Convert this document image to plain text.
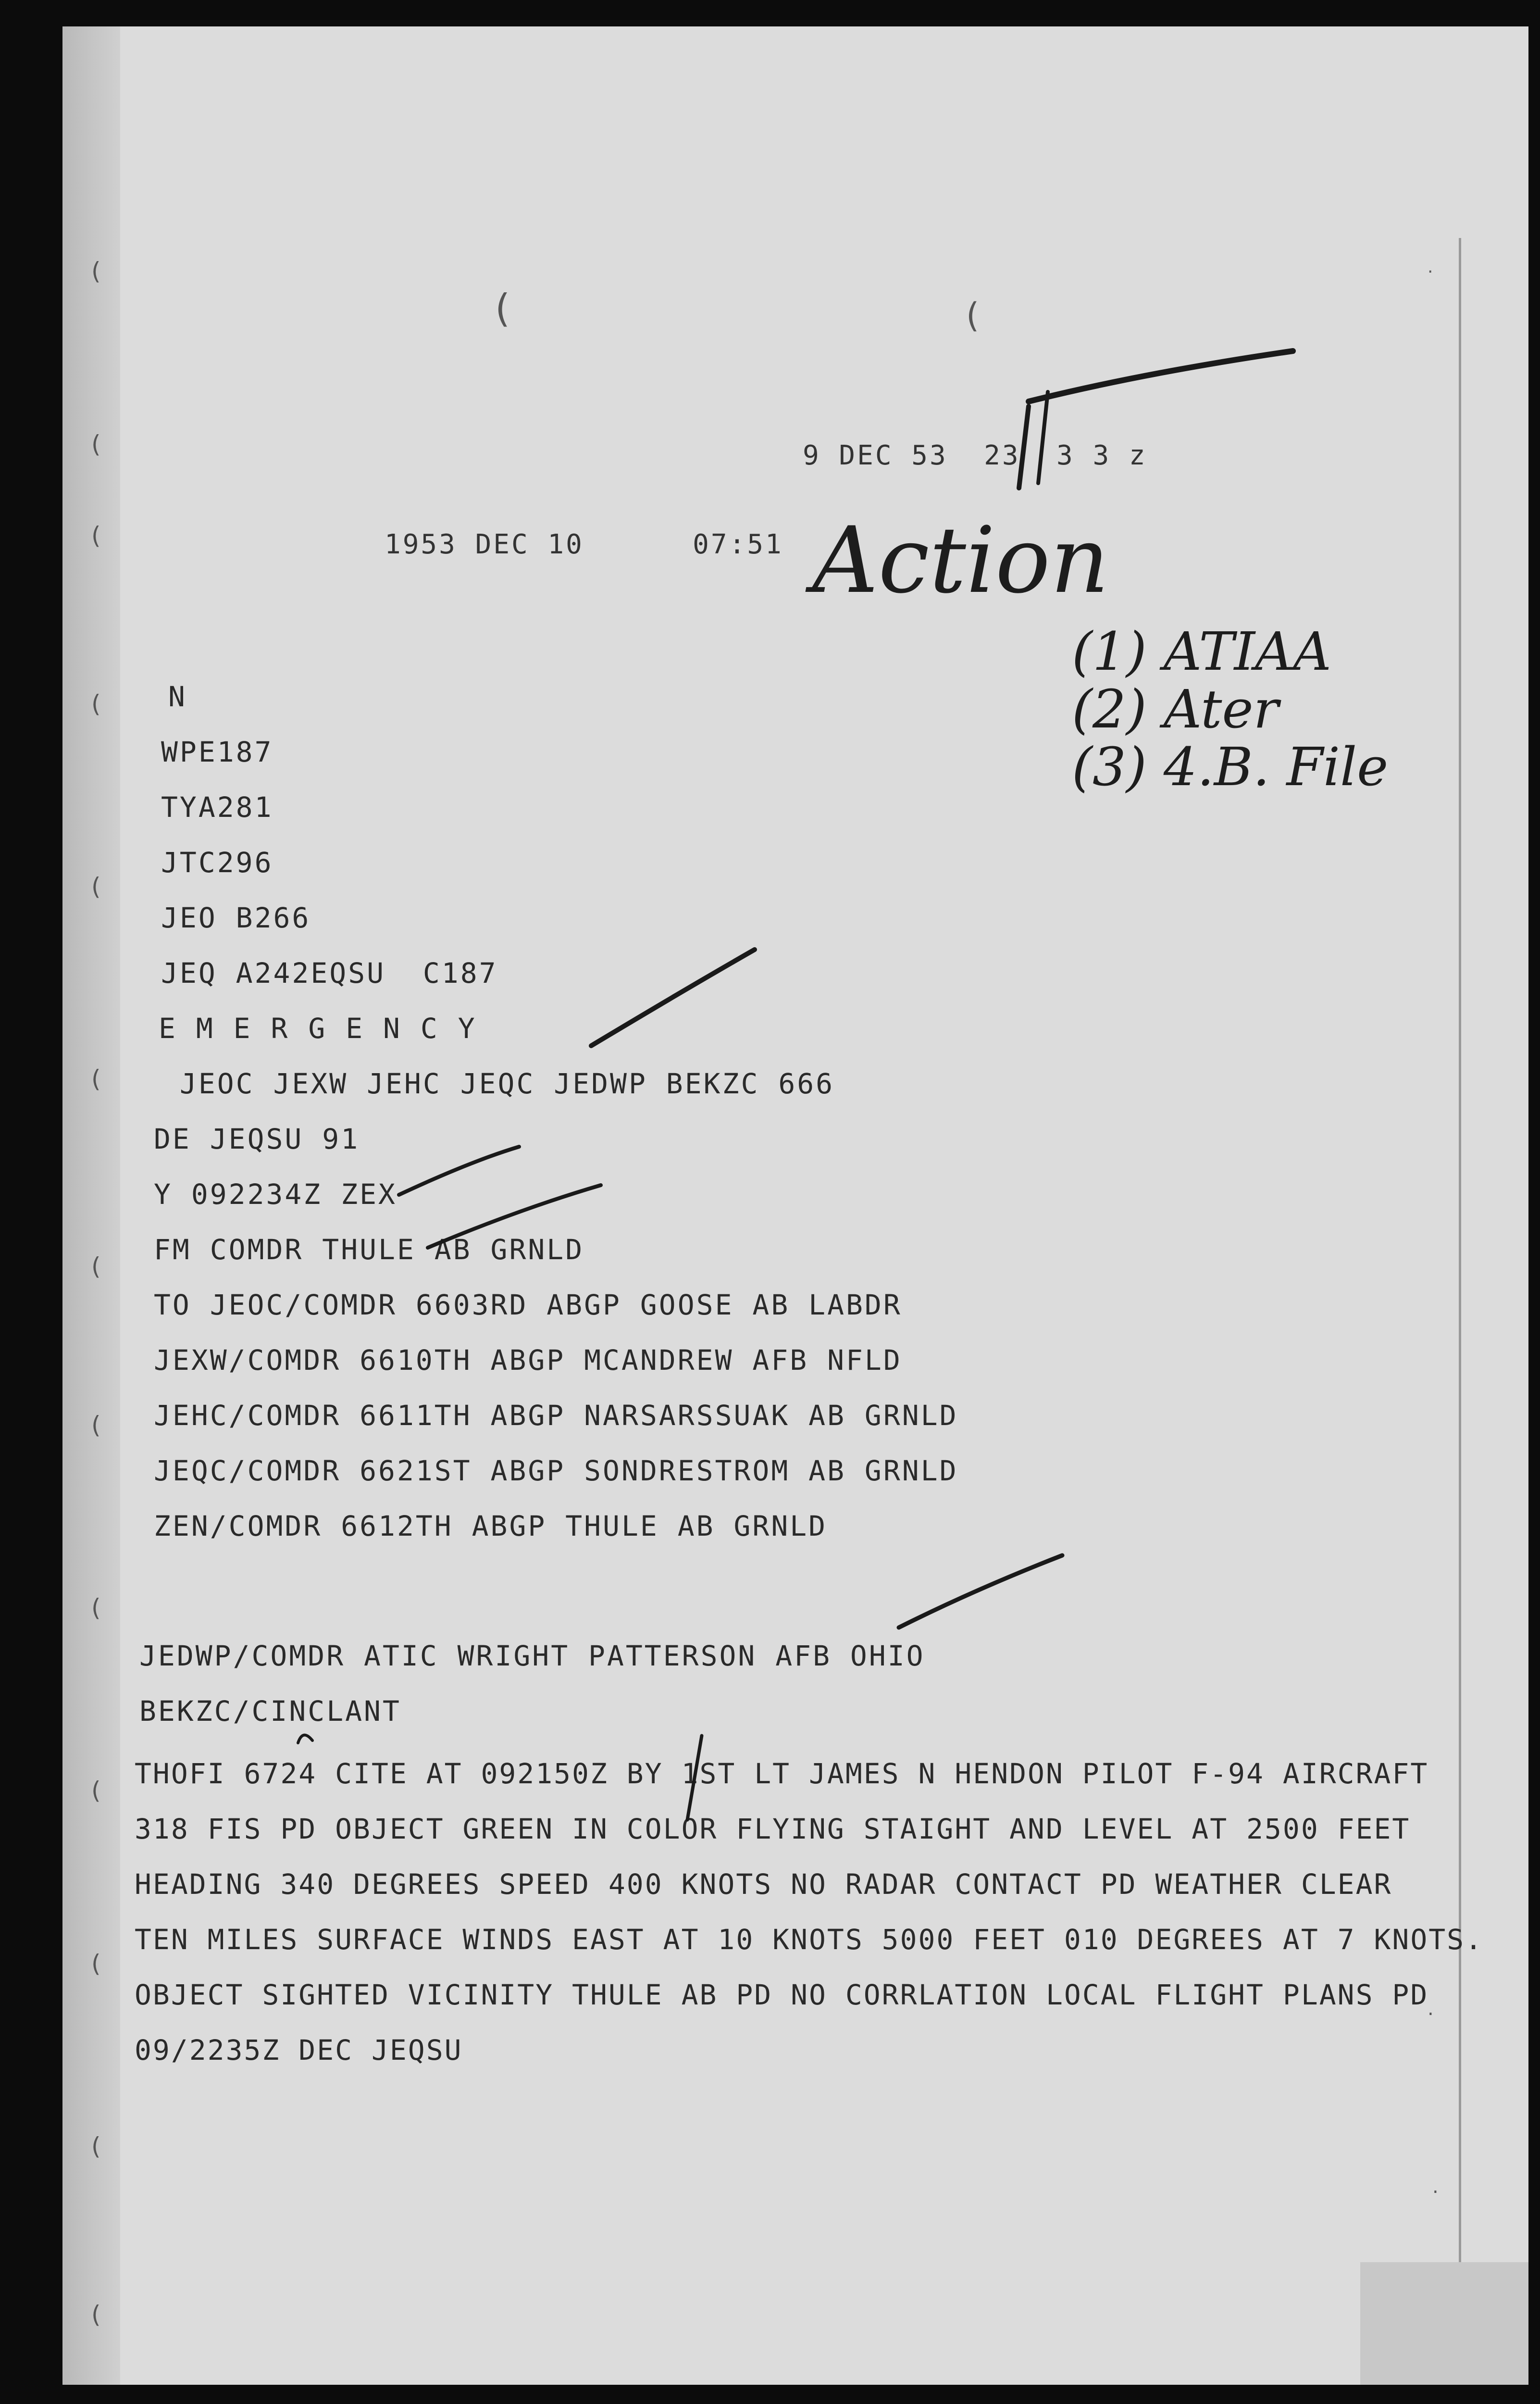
(
(
(
(
(
(
(
(
(
(
(
(
(
(	(
.
.
.
9 DEC 53 23 3 3 z
1953 DEC 10	07:51 Action
(1) ATIAA
(2) Ater
(3) 4.B. File
N
WPE187
TYA281
JTC296
JEO B266
JEQ A242EQSU  C187
E M E R G E N C Y
JEOC JEXW JEHC JEQC JEDWP BEKZC 666
DE JEQSU 91
Y 092234Z ZEX
FM COMDR THULE AB GRNLD
TO JEOC/COMDR 6603RD ABGP GOOSE AB LABDR
JEXW/COMDR 6610TH ABGP MCANDREW AFB NFLD
JEHC/COMDR 6611TH ABGP NARSARSSUAK AB GRNLD
JEQC/COMDR 6621ST ABGP SONDRESTROM AB GRNLD
ZEN/COMDR 6612TH ABGP THULE AB GRNLD
JEDWP/COMDR ATIC WRIGHT PATTERSON AFB OHIO
BEKZC/CINCLANT
THOFI 6724 CITE AT 092150Z BY 1ST LT JAMES N HENDON PILOT F-94 AIRCRAFT
318 FIS PD OBJECT GREEN IN COLOR FLYING STAIGHT AND LEVEL AT 2500 FEET
HEADING 340 DEGREES SPEED 400 KNOTS NO RADAR CONTACT PD WEATHER CLEAR
TEN MILES SURFACE WINDS EAST AT 10 KNOTS 5000 FEET 010 DEGREES AT 7 KNOTS.
OBJECT SIGHTED VICINITY THULE AB PD NO CORRLATION LOCAL FLIGHT PLANS PD
09/2235Z DEC JEQSU
